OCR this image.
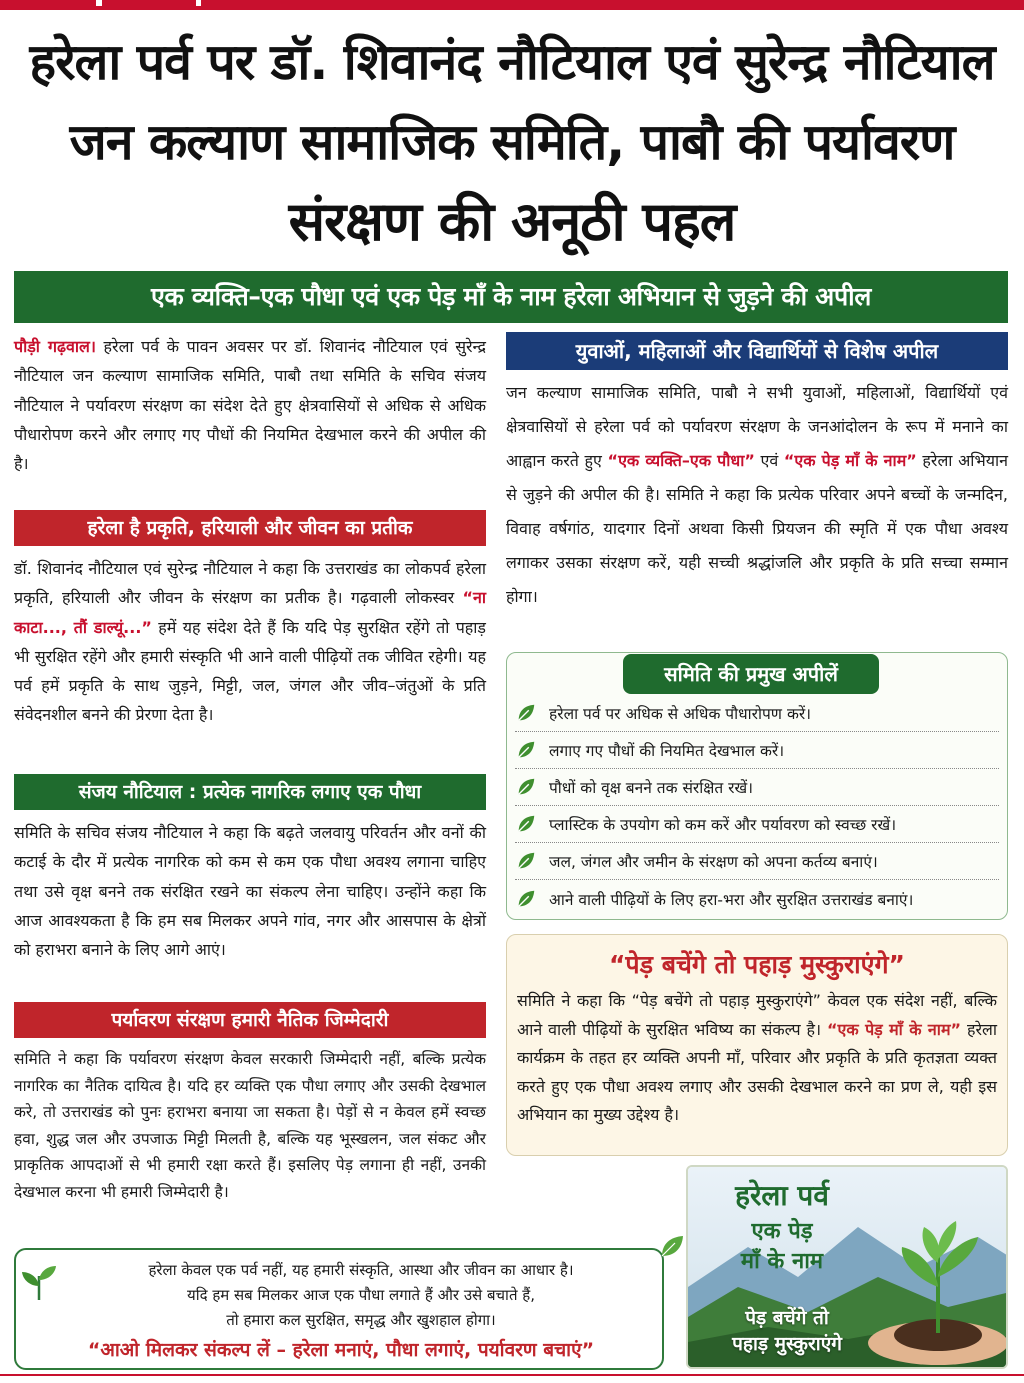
हरेला पर्व पर डॉ. शिवानंद नौटियाल एवं सुरेन्द्र नौटियाल
जन कल्याण सामाजिक समिति, पाबौ की पर्यावरण
संरक्षण की अनूठी पहल
एक व्यक्ति–एक पौधा एवं एक पेड़ माँ के नाम हरेला अभियान से जुड़ने की अपील

पौड़ी गढ़वाल। हरेला पर्व के पावन अवसर पर डॉ. शिवानंद नौटियाल एवं सुरेन्द्र नौटियाल जन कल्याण सामाजिक समिति, पाबौ तथा समिति के सचिव संजय नौटियाल ने पर्यावरण संरक्षण का संदेश देते हुए क्षेत्रवासियों से अधिक से अधिक पौधारोपण करने और लगाए गए पौधों की नियमित देखभाल करने की अपील की है।

हरेला है प्रकृति, हरियाली और जीवन का प्रतीक

डॉ. शिवानंद नौटियाल एवं सुरेन्द्र नौटियाल ने कहा कि उत्तराखंड का लोकपर्व हरेला प्रकृति, हरियाली और जीवन के संरक्षण का प्रतीक है। गढ़वाली लोकस्वर “ना काटा..., तौं डाल्यूं...” हमें यह संदेश देते हैं कि यदि पेड़ सुरक्षित रहेंगे तो पहाड़ भी सुरक्षित रहेंगे और हमारी संस्कृति भी आने वाली पीढ़ियों तक जीवित रहेगी। यह पर्व हमें प्रकृति के साथ जुड़ने, मिट्टी, जल, जंगल और जीव–जंतुओं के प्रति संवेदनशील बनने की प्रेरणा देता है।

संजय नौटियाल : प्रत्येक नागरिक लगाए एक पौधा

समिति के सचिव संजय नौटियाल ने कहा कि बढ़ते जलवायु परिवर्तन और वनों की कटाई के दौर में प्रत्येक नागरिक को कम से कम एक पौधा अवश्य लगाना चाहिए तथा उसे वृक्ष बनने तक संरक्षित रखने का संकल्प लेना चाहिए। उन्होंने कहा कि आज आवश्यकता है कि हम सब मिलकर अपने गांव, नगर और आसपास के क्षेत्रों को हराभरा बनाने के लिए आगे आएं।

पर्यावरण संरक्षण हमारी नैतिक जिम्मेदारी

समिति ने कहा कि पर्यावरण संरक्षण केवल सरकारी जिम्मेदारी नहीं, बल्कि प्रत्येक नागरिक का नैतिक दायित्व है। यदि हर व्यक्ति एक पौधा लगाए और उसकी देखभाल करे, तो उत्तराखंड को पुनः हराभरा बनाया जा सकता है। पेड़ों से न केवल हमें स्वच्छ हवा, शुद्ध जल और उपजाऊ मिट्टी मिलती है, बल्कि यह भूस्खलन, जल संकट और प्राकृतिक आपदाओं से भी हमारी रक्षा करते हैं। इसलिए पेड़ लगाना ही नहीं, उनकी देखभाल करना भी हमारी जिम्मेदारी है।

युवाओं, महिलाओं और विद्यार्थियों से विशेष अपील

जन कल्याण सामाजिक समिति, पाबौ ने सभी युवाओं, महिलाओं, विद्यार्थियों एवं क्षेत्रवासियों से हरेला पर्व को पर्यावरण संरक्षण के जनआंदोलन के रूप में मनाने का आह्वान करते हुए “एक व्यक्ति–एक पौधा” एवं “एक पेड़ माँ के नाम” हरेला अभियान से जुड़ने की अपील की है। समिति ने कहा कि प्रत्येक परिवार अपने बच्चों के जन्मदिन, विवाह वर्षगांठ, यादगार दिनों अथवा किसी प्रियजन की स्मृति में एक पौधा अवश्य लगाकर उसका संरक्षण करें, यही सच्ची श्रद्धांजलि और प्रकृति के प्रति सच्चा सम्मान होगा।

समिति की प्रमुख अपीलें
हरेला पर्व पर अधिक से अधिक पौधारोपण करें।
लगाए गए पौधों की नियमित देखभाल करें।
पौधों को वृक्ष बनने तक संरक्षित रखें।
प्लास्टिक के उपयोग को कम करें और पर्यावरण को स्वच्छ रखें।
जल, जंगल और जमीन के संरक्षण को अपना कर्तव्य बनाएं।
आने वाली पीढ़ियों के लिए हरा-भरा और सुरक्षित उत्तराखंड बनाएं।
“पेड़ बचेंगे तो पहाड़ मुस्कुराएंगे”

समिति ने कहा कि “पेड़ बचेंगे तो पहाड़ मुस्कुराएंगे” केवल एक संदेश नहीं, बल्कि आने वाली पीढ़ियों के सुरक्षित भविष्य का संकल्प है। “एक पेड़ माँ के नाम” हरेला कार्यक्रम के तहत हर व्यक्ति अपनी माँ, परिवार और प्रकृति के प्रति कृतज्ञता व्यक्त करते हुए एक पौधा अवश्य लगाए और उसकी देखभाल करने का प्रण ले, यही इस अभियान का मुख्य उद्देश्य है।

हरेला पर्व
एक पेड़
माँ के नाम
पेड़ बचेंगे तो
पहाड़ मुस्कुराएंगे
हरेला केवल एक पर्व नहीं, यह हमारी संस्कृति, आस्था और जीवन का आधार है।
यदि हम सब मिलकर आज एक पौधा लगाते हैं और उसे बचाते हैं,
तो हमारा कल सुरक्षित, समृद्ध और खुशहाल होगा।
“आओ मिलकर संकल्प लें – हरेला मनाएं, पौधा लगाएं, पर्यावरण बचाएं”
